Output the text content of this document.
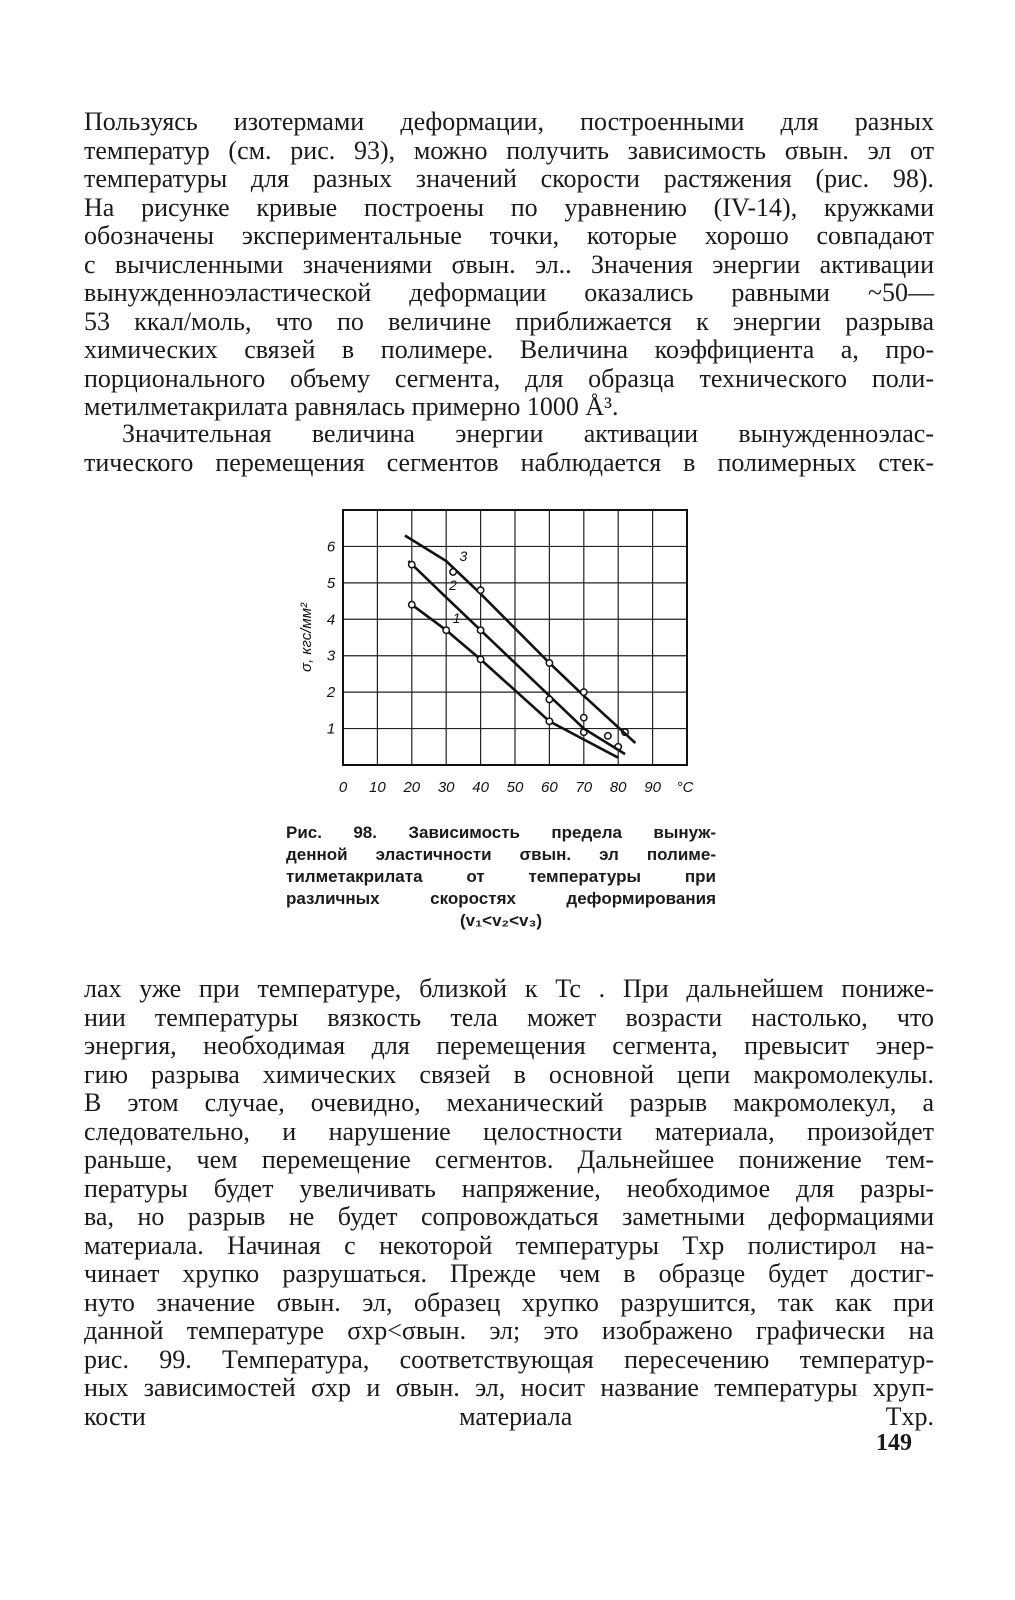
Пользуясь изотермами деформации, построенными для разных
температур (см. рис. 93), можно получить зависимость σвын. эл от
температуры для разных значений скорости растяжения (рис. 98).
На рисунке кривые построены по уравнению (IV-14), кружками
обозначены экспериментальные точки, которые хорошо совпадают
с вычисленными значениями σвын. эл.. Значения энергии активации
вынужденноэластической деформации оказались равными ~50—
53 ккал/моль, что по величине приближается к энергии разрыва
химических связей в полимере. Величина коэффициента a, про-
порционального объему сегмента, для образца технического поли-
метилметакрилата равнялась примерно 1000 Å³.
Значительная величина энергии активации вынужденноэлас-
тического перемещения сегментов наблюдается в полимерных стек-
0 10 20 30 40 50 60 70 80 90 °C
1
2
3
4
5
6
σ, кгс/мм²	1
2
3
Рис. 98. Зависимость предела вынуж-
денной эластичности σвын. эл полиме-
тилметакрилата от температуры при
различных скоростях деформирования
(v₁<v₂<v₃)
лах уже при температуре, близкой к Tc . При дальнейшем пониже-
нии температуры вязкость тела может возрасти настолько, что
энергия, необходимая для перемещения сегмента, превысит энер-
гию разрыва химических связей в основной цепи макромолекулы.
В этом случае, очевидно, механический разрыв макромолекул, а
следовательно, и нарушение целостности материала, произойдет
раньше, чем перемещение сегментов. Дальнейшее понижение тем-
пературы будет увеличивать напряжение, необходимое для разры-
ва, но разрыв не будет сопровождаться заметными деформациями
материала. Начиная с некоторой температуры Tхр полистирол на-
чинает хрупко разрушаться. Прежде чем в образце будет достиг-
нуто значение σвын. эл, образец хрупко разрушится, так как при
данной температуре σхр<σвын. эл; это изображено графически на
рис. 99. Температура, соответствующая пересечению температур-
ных зависимостей σхр и σвын. эл, носит название температуры хруп-
кости материала Tхр.
149
